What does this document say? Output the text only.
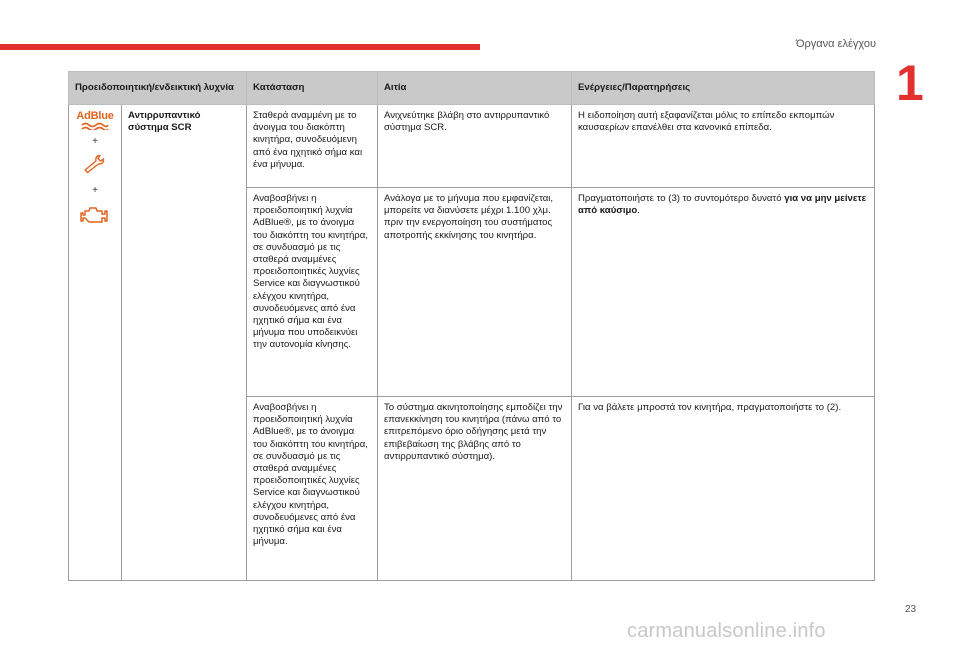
Όργανα ελέγχου
1
Προειδοποιητική/ενδεικτική λυχνία		Κατάσταση	Αιτία	Ενέργειες/Παρατηρήσεις

AdBlue
+
+	Αντιρρυπαντικό σύστημα SCR	Σταθερά αναμμένη με το άνοιγμα του διακόπτη κινητήρα, συνοδευόμενη από ένα ηχητικό σήμα και ένα μήνυμα.	Ανιχνεύτηκε βλάβη στο αντιρρυπαντικό σύστημα SCR.	Η ειδοποίηση αυτή εξαφανίζεται μόλις το επίπεδο εκπομπών καυσαερίων επανέλθει στα κανονικά επίπεδα.
		Αναβοσβήνει η προειδοποιητική λυχνία AdBlue®, με το άνοιγμα του διακόπτη του κινητήρα, σε συνδυασμό με τις σταθερά αναμμένες προειδοποιητικές λυχνίες Service και διαγνωστικού ελέγχου κινητήρα, συνοδευόμενες από ένα ηχητικό σήμα και ένα μήνυμα που υποδεικνύει την αυτονομία κίνησης.	Ανάλογα με το μήνυμα που εμφανίζεται, μπορείτε να διανύσετε μέχρι 1.100 χλμ. πριν την ενεργοποίηση του συστήματος αποτροπής εκκίνησης του κινητήρα.	Πραγματοποιήστε το (3) το συντομότερο δυνατό για να μην μείνετε από καύσιμο.
		Αναβοσβήνει η προειδοποιητική λυχνία AdBlue®, με το άνοιγμα του διακόπτη του κινητήρα, σε συνδυασμό με τις σταθερά αναμμένες προειδοποιητικές λυχνίες Service και διαγνωστικού ελέγχου κινητήρα, συνοδευόμενες από ένα ηχητικό σήμα και ένα μήνυμα.	Το σύστημα ακινητοποίησης εμποδίζει την επανεκκίνηση του κινητήρα (πάνω από το επιτρεπόμενο όριο οδήγησης μετά την επιβεβαίωση της βλάβης από το αντιρρυπαντικό σύστημα).	Για να βάλετε μπροστά τον κινητήρα, πραγματοποιήστε το (2).
23
carmanualsonline.info
